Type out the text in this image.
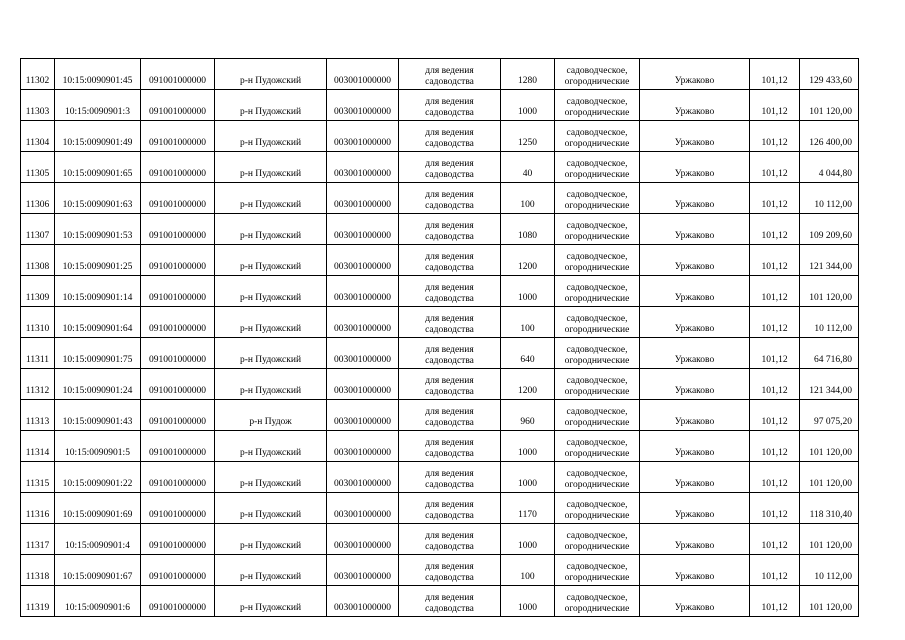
11302	10:15:0090901:45	091001000000	р-н Пудожский	003001000000	для ведения
садоводства	1280	садоводческое,
огороднические	Уржаково	101,12	129 433,60
11303	10:15:0090901:3	091001000000	р-н Пудожский	003001000000	для ведения
садоводства	1000	садоводческое,
огороднические	Уржаково	101,12	101 120,00
11304	10:15:0090901:49	091001000000	р-н Пудожский	003001000000	для ведения
садоводства	1250	садоводческое,
огороднические	Уржаково	101,12	126 400,00
11305	10:15:0090901:65	091001000000	р-н Пудожский	003001000000	для ведения
садоводства	40	садоводческое,
огороднические	Уржаково	101,12	4 044,80
11306	10:15:0090901:63	091001000000	р-н Пудожский	003001000000	для ведения
садоводства	100	садоводческое,
огороднические	Уржаково	101,12	10 112,00
11307	10:15:0090901:53	091001000000	р-н Пудожский	003001000000	для ведения
садоводства	1080	садоводческое,
огороднические	Уржаково	101,12	109 209,60
11308	10:15:0090901:25	091001000000	р-н Пудожский	003001000000	для ведения
садоводства	1200	садоводческое,
огороднические	Уржаково	101,12	121 344,00
11309	10:15:0090901:14	091001000000	р-н Пудожский	003001000000	для ведения
садоводства	1000	садоводческое,
огороднические	Уржаково	101,12	101 120,00
11310	10:15:0090901:64	091001000000	р-н Пудожский	003001000000	для ведения
садоводства	100	садоводческое,
огороднические	Уржаково	101,12	10 112,00
11311	10:15:0090901:75	091001000000	р-н Пудожский	003001000000	для ведения
садоводства	640	садоводческое,
огороднические	Уржаково	101,12	64 716,80
11312	10:15:0090901:24	091001000000	р-н Пудожский	003001000000	для ведения
садоводства	1200	садоводческое,
огороднические	Уржаково	101,12	121 344,00
11313	10:15:0090901:43	091001000000	р-н Пудож	003001000000	для ведения
садоводства	960	садоводческое,
огороднические	Уржаково	101,12	97 075,20
11314	10:15:0090901:5	091001000000	р-н Пудожский	003001000000	для ведения
садоводства	1000	садоводческое,
огороднические	Уржаково	101,12	101 120,00
11315	10:15:0090901:22	091001000000	р-н Пудожский	003001000000	для ведения
садоводства	1000	садоводческое,
огороднические	Уржаково	101,12	101 120,00
11316	10:15:0090901:69	091001000000	р-н Пудожский	003001000000	для ведения
садоводства	1170	садоводческое,
огороднические	Уржаково	101,12	118 310,40
11317	10:15:0090901:4	091001000000	р-н Пудожский	003001000000	для ведения
садоводства	1000	садоводческое,
огороднические	Уржаково	101,12	101 120,00
11318	10:15:0090901:67	091001000000	р-н Пудожский	003001000000	для ведения
садоводства	100	садоводческое,
огороднические	Уржаково	101,12	10 112,00
11319	10:15:0090901:6	091001000000	р-н Пудожский	003001000000	для ведения
садоводства	1000	садоводческое,
огороднические	Уржаково	101,12	101 120,00
